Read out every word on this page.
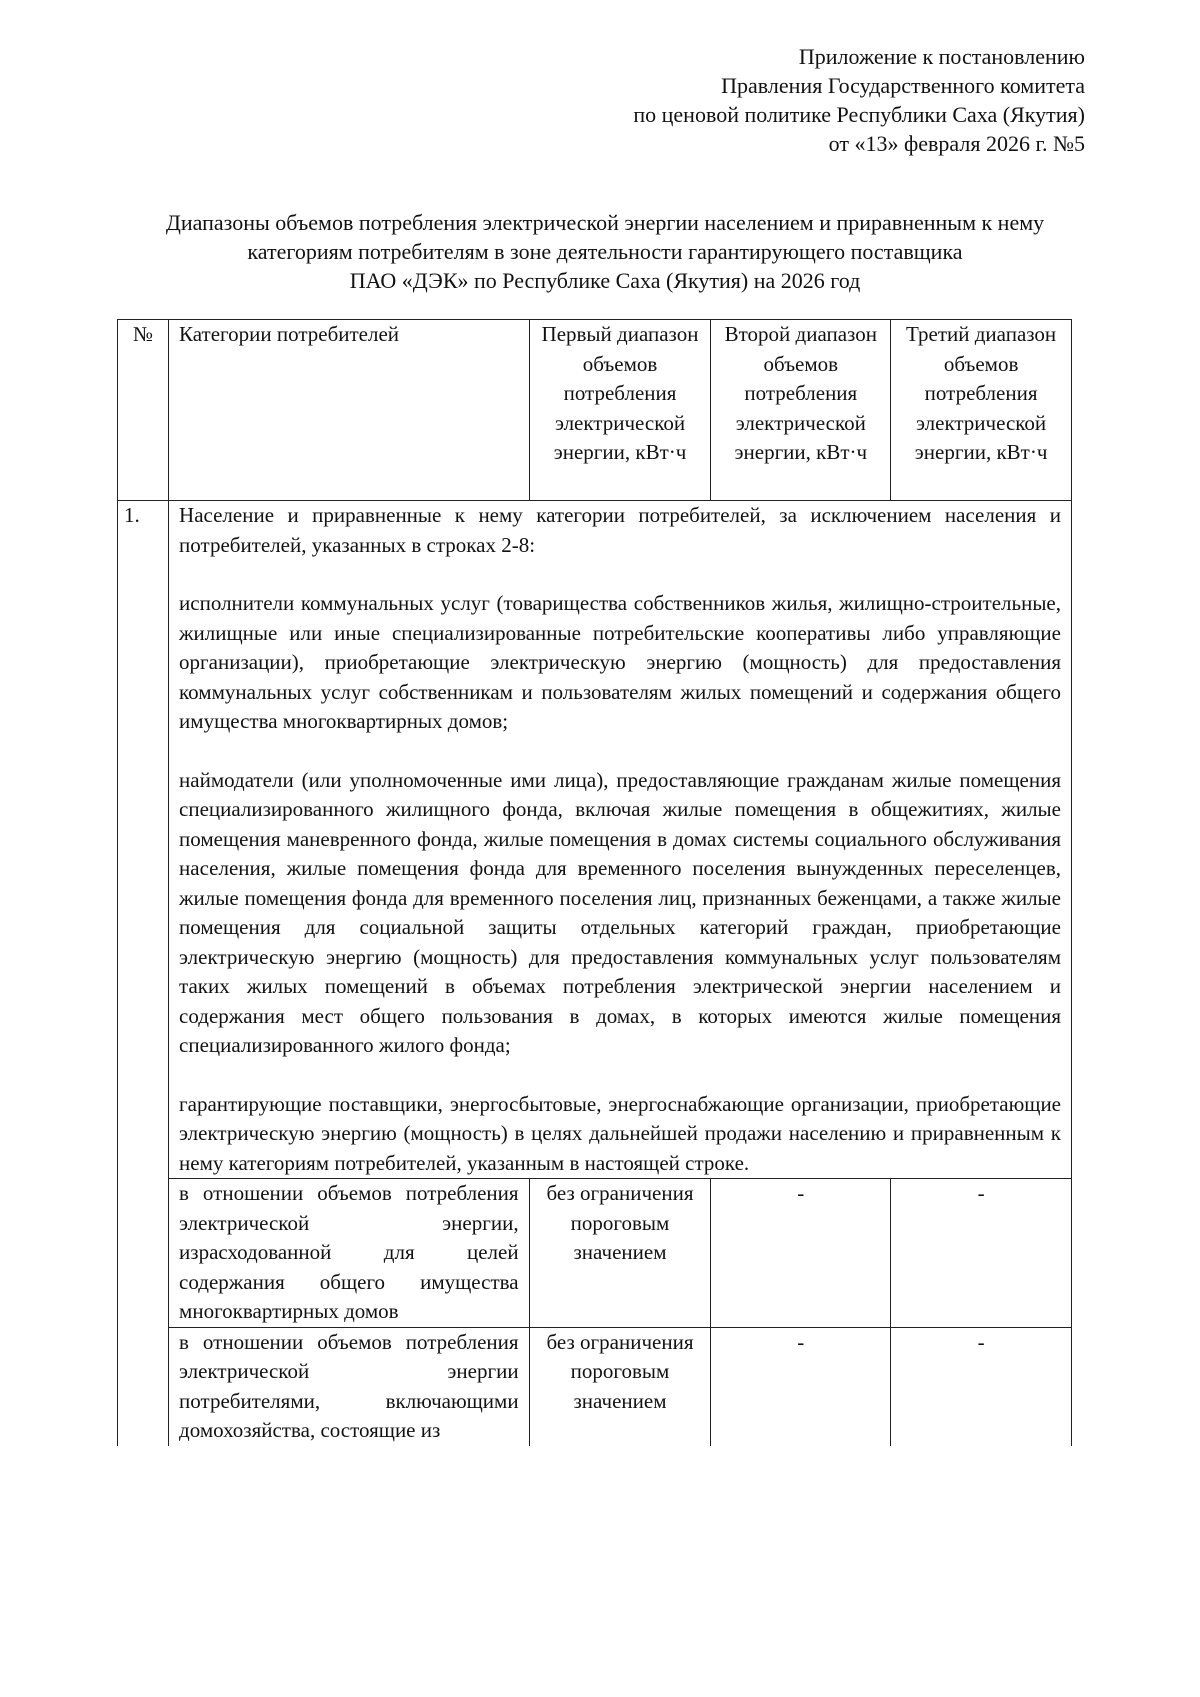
Приложение к постановлению
Правления Государственного комитета
по ценовой политике Республики Саха (Якутия)
от «13» февраля 2026 г. №5
Диапазоны объемов потребления электрической энергии населением и приравненным к нему
категориям потребителям в зоне деятельности гарантирующего поставщика
ПАО «ДЭК» по Республике Саха (Якутия) на 2026 год
№	Категории потребителей	Первый диапазон объемов потребления электрической энергии, кВт·ч	Второй диапазон объемов потребления электрической энергии, кВт·ч	Третий диапазон объемов потребления электрической энергии, кВт·ч
1.	Население и приравненные к нему категории потребителей, за исключением населения и потребителей, указанных в строках 2-8:

исполнители коммунальных услуг (товарищества собственников жилья, жилищно-строительные, жилищные или иные специализированные потребительские кооперативы либо управляющие организации), приобретающие электрическую энергию (мощность) для предоставления коммунальных услуг собственникам и пользователям жилых помещений и содержания общего имущества многоквартирных домов;

наймодатели (или уполномоченные ими лица), предоставляющие гражданам жилые помещения специализированного жилищного фонда, включая жилые помещения в общежитиях, жилые помещения маневренного фонда, жилые помещения в домах системы социального обслуживания населения, жилые помещения фонда для временного поселения вынужденных переселенцев, жилые помещения фонда для временного поселения лиц, признанных беженцами, а также жилые помещения для социальной защиты отдельных категорий граждан, приобретающие электрическую энергию (мощность) для предоставления коммунальных услуг пользователям таких жилых помещений в объемах потребления электрической энергии населением и содержания мест общего пользования в домах, в которых имеются жилые помещения специализированного жилого фонда;

гарантирующие поставщики, энергосбытовые, энергоснабжающие организации, приобретающие электрическую энергию (мощность) в целях дальнейшей продажи населению и приравненным к нему категориям потребителей, указанным в настоящей строке.			

	в отношении объемов потребления электрической энергии, израсходованной для целей содержания общего имущества многоквартирных домов	без ограничения пороговым значением	-	-
	в отношении объемов потребления электрической энергии потребителями, включающими домохозяйства, состоящие из	без ограничения пороговым значением	-	-
